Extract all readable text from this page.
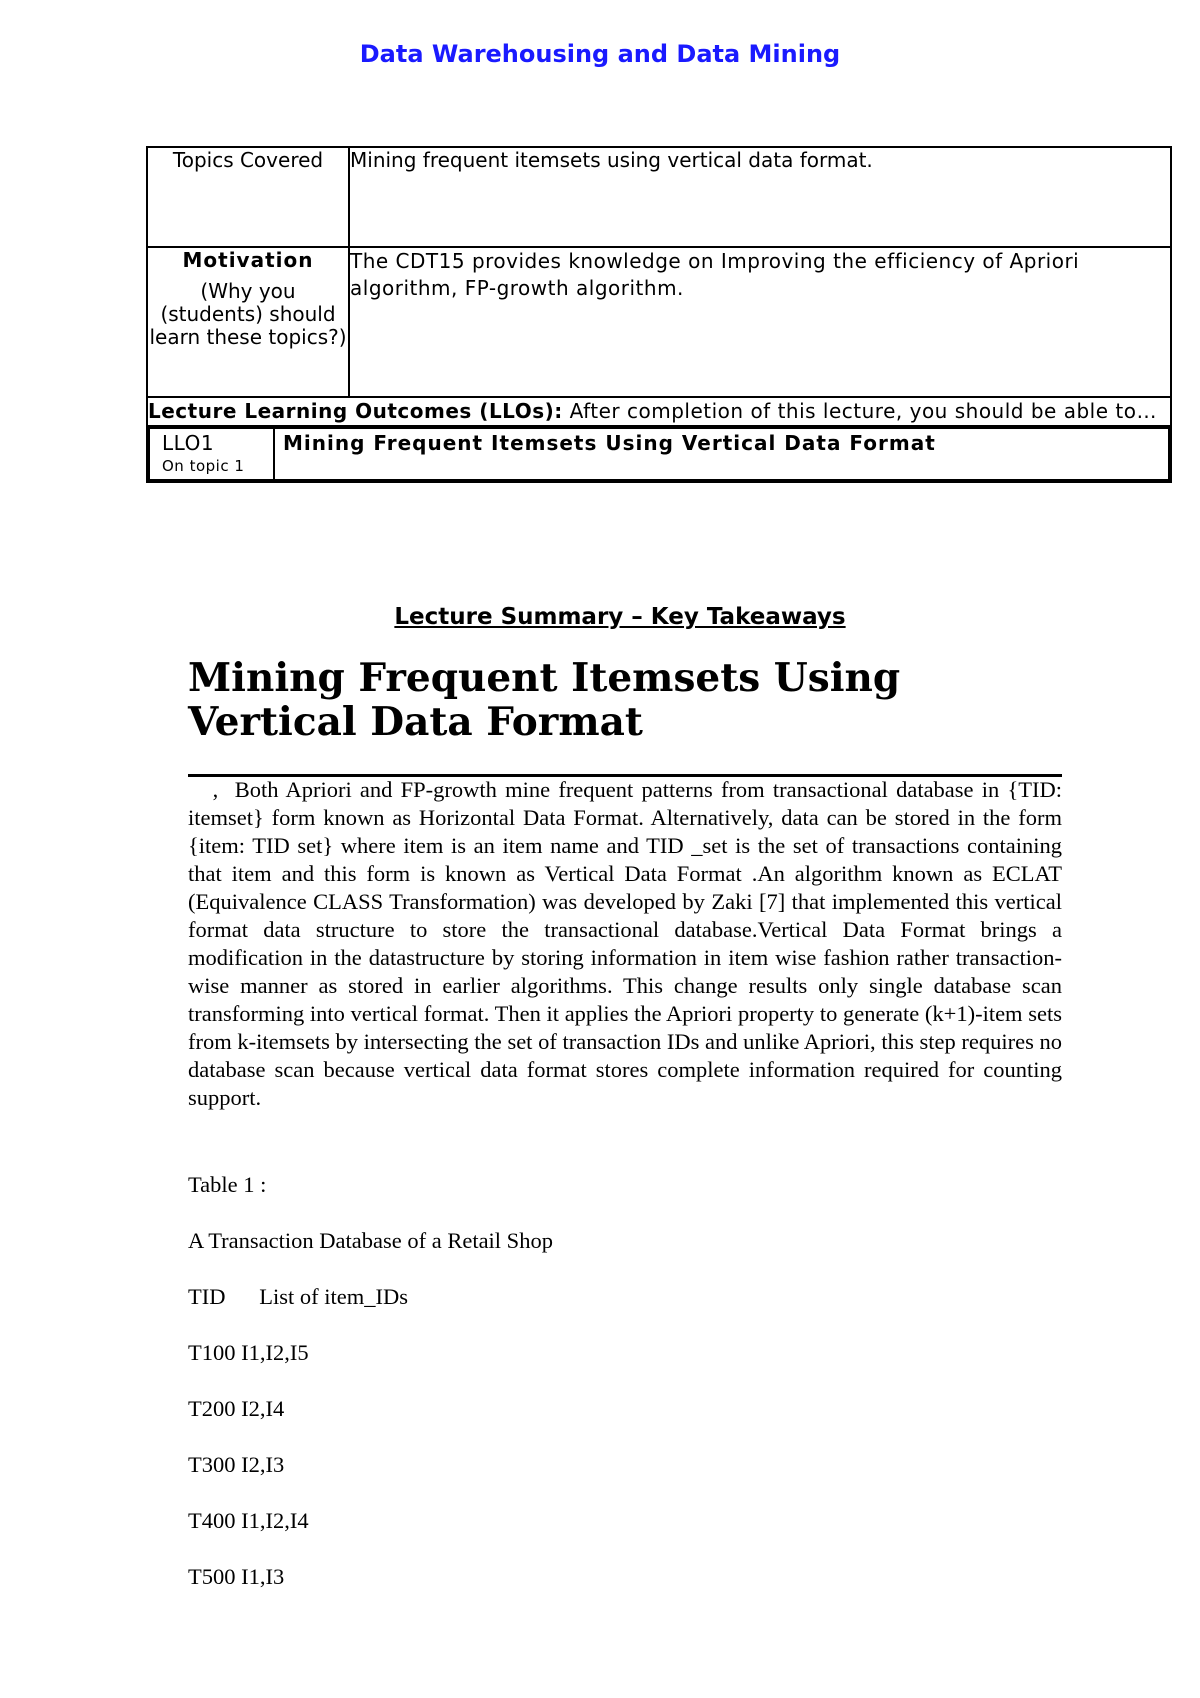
Data Warehousing and Data Mining
Topics Covered	Mining frequent itemsets using vertical data format.

Motivation
(Why you (students) should learn these topics?)
	The CDT15 provides knowledge on Improving the efficiency of Apriori algorithm, FP-growth algorithm.
Lecture Learning Outcomes (LLOs): After completion of this lecture, you should be able to…

LLO1
On topic 1
	Mining Frequent Itemsets Using Vertical Data Format
Lecture Summary – Key Takeaways
Mining Frequent Itemsets Using Vertical Data Format
,  Both Apriori and FP-growth mine frequent patterns from transactional database in {TID: itemset} form known as Horizontal Data Format. Alternatively, data can be stored in the form {item: TID set} where item is an item name and TID _set is the set of transactions containing that item and this form is known as Vertical Data Format .An algorithm known as ECLAT (Equivalence CLASS Transformation) was developed by Zaki [7] that implemented this vertical format data structure to store the transactional database.Vertical Data Format brings a modification in the datastructure by storing information in item wise fashion rather transaction-wise manner as stored in earlier algorithms. This change results only single database scan transforming into vertical format. Then it applies the Apriori property to generate (k+1)-item sets from k-itemsets by intersecting the set of transaction IDs and unlike Apriori, this step requires no database scan because vertical data format stores complete information required for counting support.
Table 1 :
A Transaction Database of a Retail Shop
TID      List of item_IDs
T100 I1,I2,I5
T200 I2,I4
T300 I2,I3
T400 I1,I2,I4
T500 I1,I3
